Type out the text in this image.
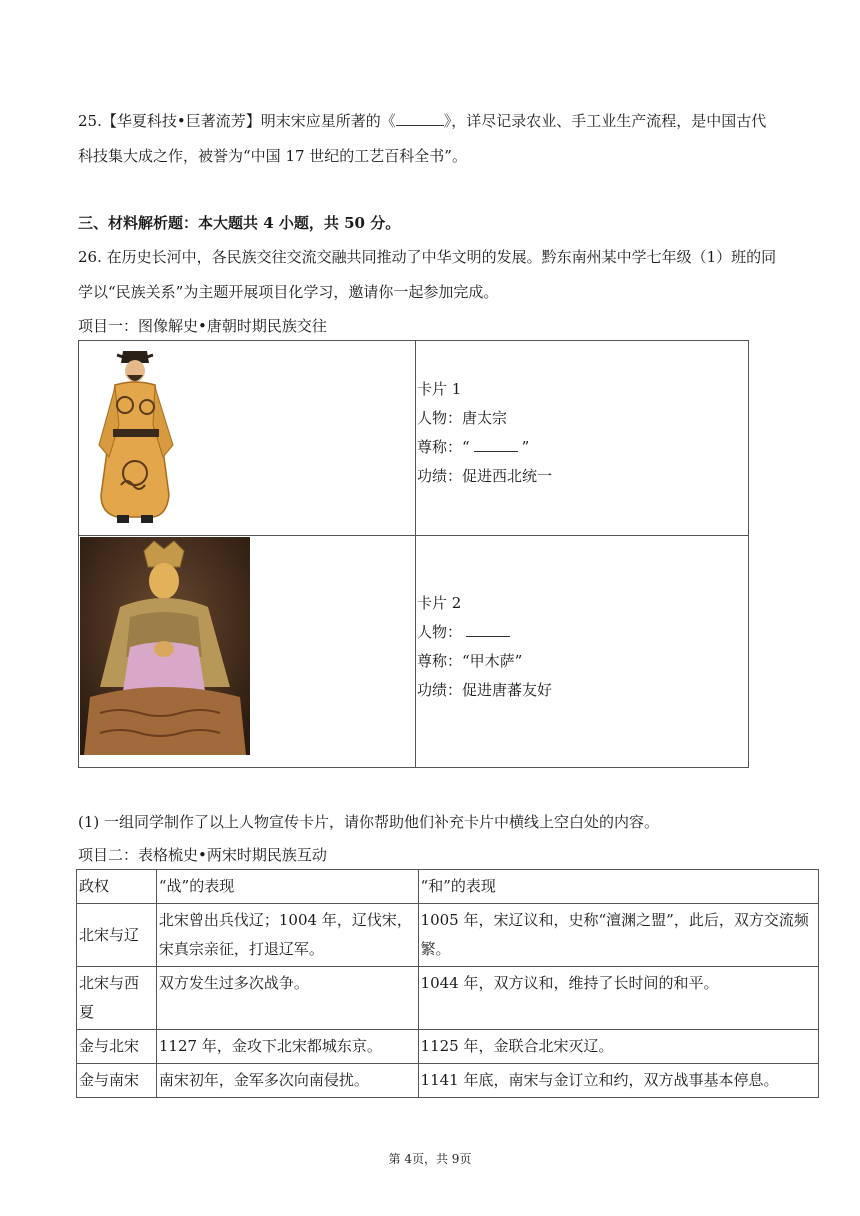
25.【华夏科技•巨著流芳】明末宋应星所著的《	》，详尽记录农业、手工业生产流程，是中国古代
科技集大成之作，被誉为“中国 17 世纪的工艺百科全书”。
三、材料解析题：本大题共 4 小题，共 50 分。
26. 在历史长河中，各民族交往交流交融共同推动了中华文明的发展。黔东南州某中学七年级（1）班的同
学以“民族关系”为主题开展项目化学习，邀请你一起参加完成。
项目一：图像解史•唐朝时期民族交往
卡片 1
人物：唐太宗
尊称：“	”
功绩：促进西北统一
卡片 2
人物：
尊称：“甲木萨”
功绩：促进唐蕃友好
(1) 一组同学制作了以上人物宣传卡片，请你帮助他们补充卡片中横线上空白处的内容。
项目二：表格梳史•两宋时期民族互动
政权	“战”的表现	“和”的表现
北宋与辽	北宋曾出兵伐辽；1004 年，辽伐宋，宋真宗亲征，打退辽军。	1005 年，宋辽议和，史称“澶渊之盟”，此后，双方交流频繁。
北宋与西夏	双方发生过多次战争。	1044 年，双方议和，维持了长时间的和平。
金与北宋	1127 年，金攻下北宋都城东京。	1125 年，金联合北宋灭辽。
金与南宋	南宋初年，金军多次向南侵扰。	1141 年底，南宋与金订立和约，双方战事基本停息。
第 4页，共 9页
